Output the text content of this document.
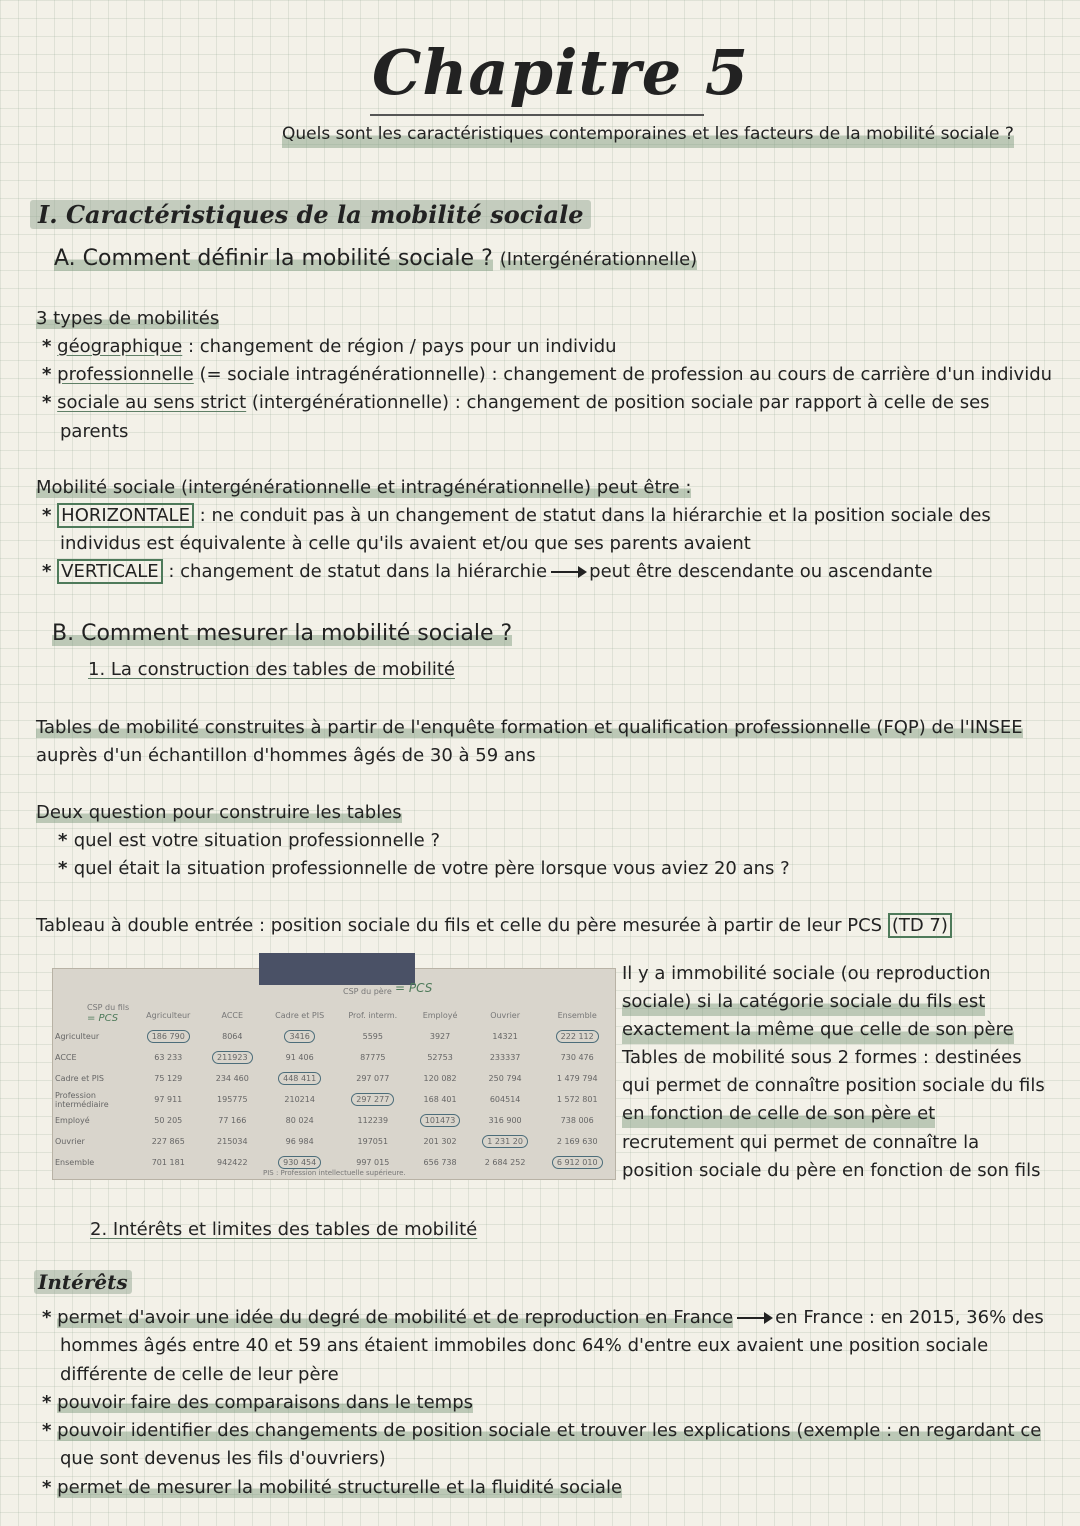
Chapitre 5
Quels sont les caractéristiques contemporaines et les facteurs de la mobilité sociale ?
I. Caractéristiques de la mobilité sociale
A. Comment définir la mobilité sociale ? (Intergénérationnelle)
3 types de mobilités
* géographique : changement de région / pays pour un individu
* professionnelle (= sociale intragénérationnelle) : changement de profession au cours de carrière d'un individu
* sociale au sens strict (intergénérationnelle) : changement de position sociale par rapport à celle de ses
parents
Mobilité sociale (intergénérationnelle et intragénérationnelle) peut être :
* HORIZONTALE : ne conduit pas à un changement de statut dans la hiérarchie et la position sociale des
individus est équivalente à celle qu'ils avaient et/ou que ses parents avaient
* VERTICALE : changement de statut dans la hiérarchie peut être descendante ou ascendante
B. Comment mesurer la mobilité sociale ?
1. La construction des tables de mobilité
Tables de mobilité construites à partir de l'enquête formation et qualification professionnelle (FQP) de l'INSEE
auprès d'un échantillon d'hommes âgés de 30 à 59 ans
Deux question pour construire les tables
* quel est votre situation professionnelle ?
* quel était la situation professionnelle de votre père lorsque vous aviez 20 ans ?
Tableau à double entrée : position sociale du fils et celle du père mesurée à partir de leur PCS (TD 7)
CSP du père = PCS
CSP du fils
= PCS
		Agriculteur	ACCE	Cadre et PIS	Prof. interm.	Employé	Ouvrier	Ensemble
Agriculteur	186 790	8064	3416	5595	3927	14321	222 112
ACCE	63 233	211923	91 406	87775	52753	233337	730 476
Cadre et PIS	75 129	234 460	448 411	297 077	120 082	250 794	1 479 794
Profession intermédiaire	97 911	195775	210214	297 277	168 401	604514	1 572 801
Employé	50 205	77 166	80 024	112239	101473	316 900	738 006
Ouvrier	227 865	215034	96 984	197051	201 302	1 231 20	2 169 630
Ensemble	701 181	942422	930 454	997 015	656 738	2 684 252	6 912 010
PIS : Profession intellectuelle supérieure.
Il y a immobilité sociale (ou reproduction
sociale) si la catégorie sociale du fils est
exactement la même que celle de son père
Tables de mobilité sous 2 formes : destinées
qui permet de connaître position sociale du fils
en fonction de celle de son père et
recrutement qui permet de connaître la
position sociale du père en fonction de son fils
2. Intérêts et limites des tables de mobilité
Intérêts
* permet d'avoir une idée du degré de mobilité et de reproduction en France en France : en 2015, 36% des
hommes âgés entre 40 et 59 ans étaient immobiles donc 64% d'entre eux avaient une position sociale
différente de celle de leur père
* pouvoir faire des comparaisons dans le temps
* pouvoir identifier des changements de position sociale et trouver les explications (exemple : en regardant ce
que sont devenus les fils d'ouvriers)
* permet de mesurer la mobilité structurelle et la fluidité sociale
